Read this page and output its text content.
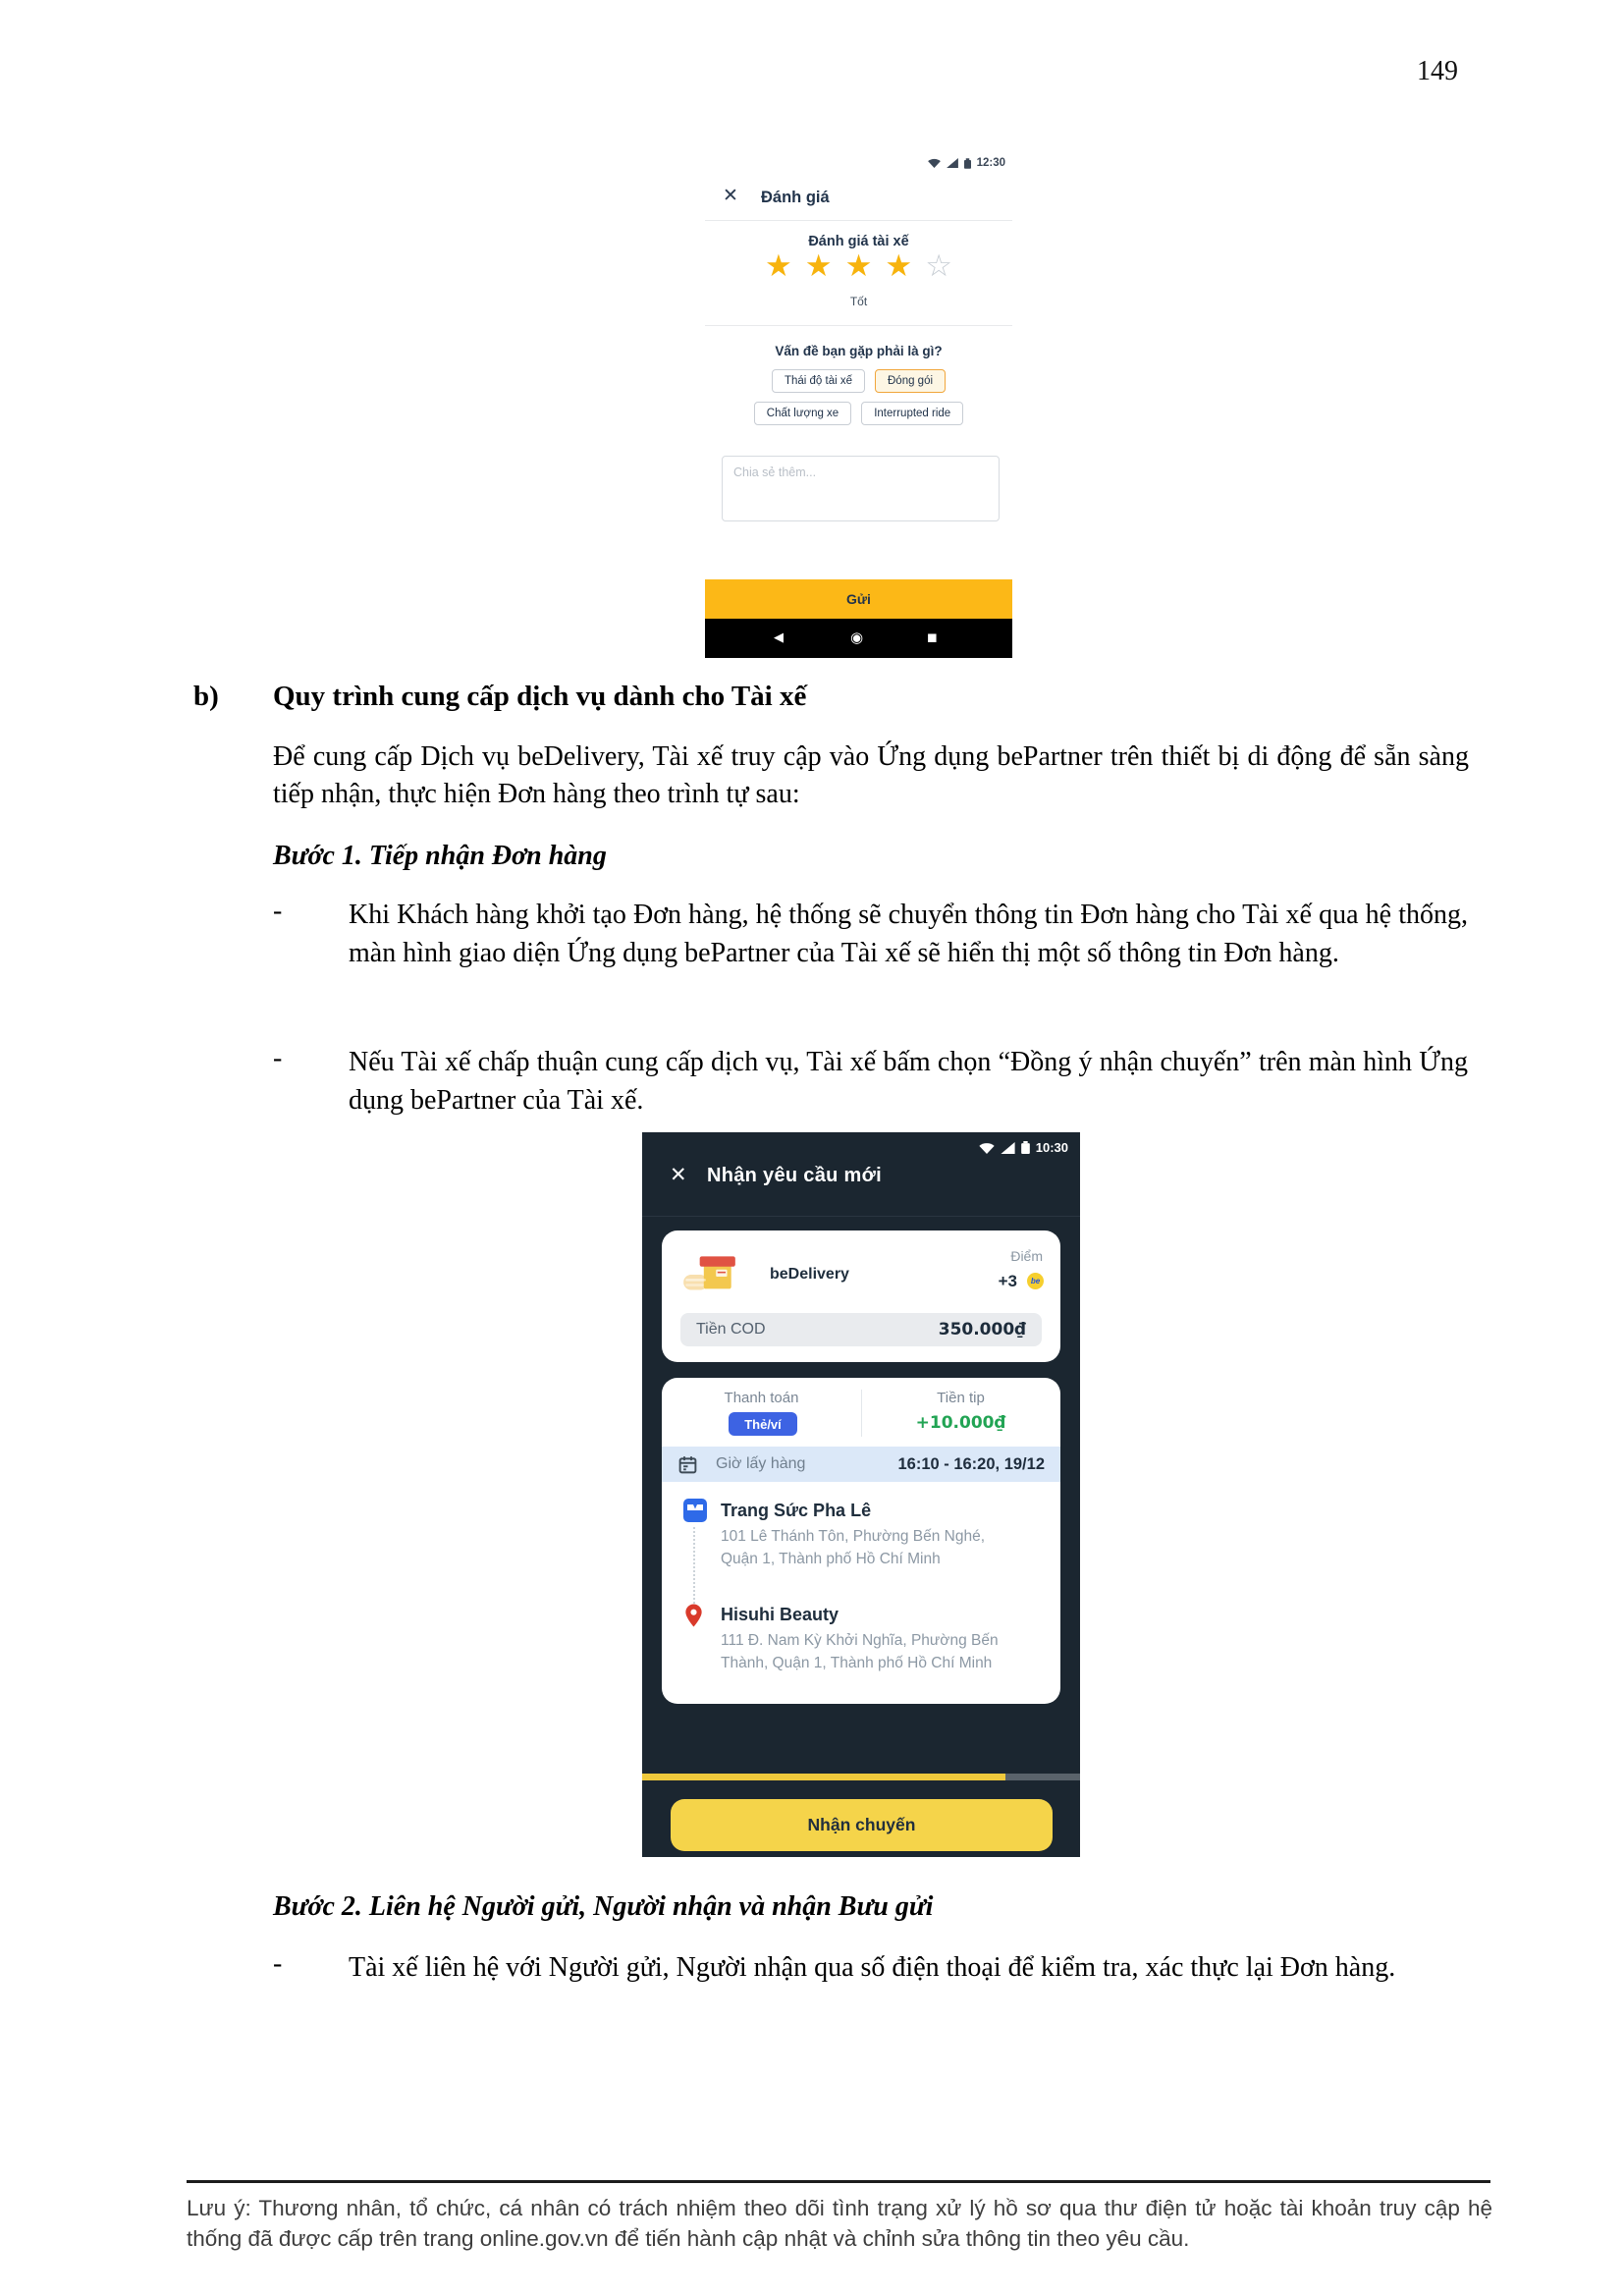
149
12:30
✕ Đánh giá
Đánh giá tài xế
★ ★ ★ ★ ☆
Tốt
Vấn đề bạn gặp phải là gì?
Thái độ tài xế	Đóng gói
Chất lượng xe	Interrupted ride
Chia sẻ thêm...
Gửi
◀	◉	◼
b) Quy trình cung cấp dịch vụ dành cho Tài xế
Để cung cấp Dịch vụ beDelivery, Tài xế truy cập vào Ứng dụng bePartner trên thiết bị di động để sẵn sàng tiếp nhận, thực hiện Đơn hàng theo trình tự sau:
Bước 1. Tiếp nhận Đơn hàng
- Khi Khách hàng khởi tạo Đơn hàng, hệ thống sẽ chuyển thông tin Đơn hàng cho Tài xế qua hệ thống, màn hình giao diện Ứng dụng bePartner của Tài xế sẽ hiển thị một số thông tin Đơn hàng.
- Nếu Tài xế chấp thuận cung cấp dịch vụ, Tài xế bấm chọn “Đồng ý nhận chuyến” trên màn hình Ứng dụng bePartner của Tài xế.
10:30
✕ Nhận yêu cầu mới
beDelivery
Điểm
+3	be
Tiền COD	350.000₫
Thanh toán
Thẻ/ví
Tiền tip
+10.000₫
Giờ lấy hàng	16:10 - 16:20, 19/12
Trang Sức Pha Lê
101 Lê Thánh Tôn, Phường Bến Nghé, Quận 1, Thành phố Hồ Chí Minh
Hisuhi Beauty
111 Đ. Nam Kỳ Khởi Nghĩa, Phường Bến Thành, Quận 1, Thành phố Hồ Chí Minh
Nhận chuyến
Bước 2. Liên hệ Người gửi, Người nhận và nhận Bưu gửi
- Tài xế liên hệ với Người gửi, Người nhận qua số điện thoại để kiểm tra, xác thực lại Đơn hàng.
Lưu ý: Thương nhân, tổ chức, cá nhân có trách nhiệm theo dõi tình trạng xử lý hồ sơ qua thư điện tử hoặc tài khoản truy cập hệ thống đã được cấp trên trang online.gov.vn để tiến hành cập nhật và chỉnh sửa thông tin theo yêu cầu.
